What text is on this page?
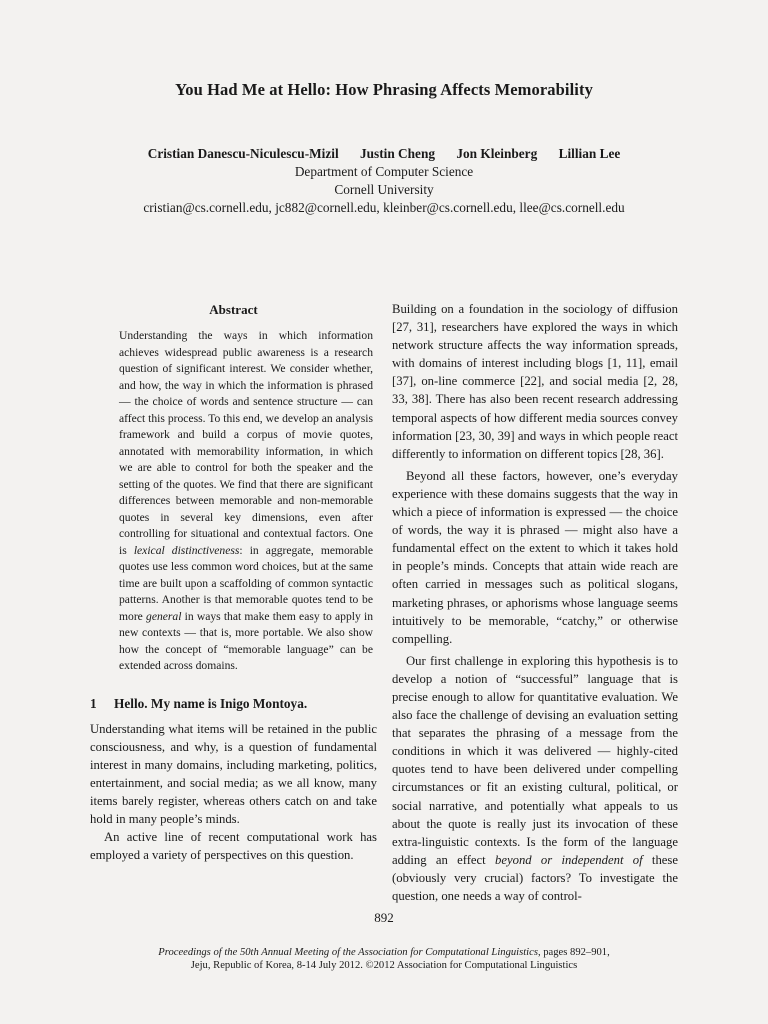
You Had Me at Hello: How Phrasing Affects Memorability
Cristian Danescu-Niculescu-Mizil Justin Cheng Jon Kleinberg Lillian Lee
Department of Computer Science
Cornell University
cristian@cs.cornell.edu, jc882@cornell.edu, kleinber@cs.cornell.edu, llee@cs.cornell.edu
Abstract
Understanding the ways in which information achieves widespread public awareness is a research question of significant interest. We consider whether, and how, the way in which the information is phrased — the choice of words and sentence structure — can affect this process. To this end, we develop an analysis framework and build a corpus of movie quotes, annotated with memorability information, in which we are able to control for both the speaker and the setting of the quotes. We find that there are significant differences between memorable and non-memorable quotes in several key dimensions, even after controlling for situational and contextual factors. One is lexical distinctiveness: in aggregate, memorable quotes use less common word choices, but at the same time are built upon a scaffolding of common syntactic patterns. Another is that memorable quotes tend to be more general in ways that make them easy to apply in new contexts — that is, more portable. We also show how the concept of “memorable language” can be extended across domains.
1 Hello. My name is Inigo Montoya.

Understanding what items will be retained in the public consciousness, and why, is a question of fundamental interest in many domains, including marketing, politics, entertainment, and social media; as we all know, many items barely register, whereas others catch on and take hold in many people’s minds.

An active line of recent computational work has employed a variety of perspectives on this question.

Building on a foundation in the sociology of diffusion [27, 31], researchers have explored the ways in which network structure affects the way information spreads, with domains of interest including blogs [1, 11], email [37], on-line commerce [22], and social media [2, 28, 33, 38]. There has also been recent research addressing temporal aspects of how different media sources convey information [23, 30, 39] and ways in which people react differently to information on different topics [28, 36].

Beyond all these factors, however, one’s everyday experience with these domains suggests that the way in which a piece of information is expressed — the choice of words, the way it is phrased — might also have a fundamental effect on the extent to which it takes hold in people’s minds. Concepts that attain wide reach are often carried in messages such as political slogans, marketing phrases, or aphorisms whose language seems intuitively to be memorable, “catchy,” or otherwise compelling.

Our first challenge in exploring this hypothesis is to develop a notion of “successful” language that is precise enough to allow for quantitative evaluation. We also face the challenge of devising an evaluation setting that separates the phrasing of a message from the conditions in which it was delivered — highly-cited quotes tend to have been delivered under compelling circumstances or fit an existing cultural, political, or social narrative, and potentially what appeals to us about the quote is really just its invocation of these extra-linguistic contexts. Is the form of the language adding an effect beyond or independent of these (obviously very crucial) factors? To investigate the question, one needs a way of control-

892
Proceedings of the 50th Annual Meeting of the Association for Computational Linguistics, pages 892–901,
Jeju, Republic of Korea, 8-14 July 2012. ©2012 Association for Computational Linguistics
